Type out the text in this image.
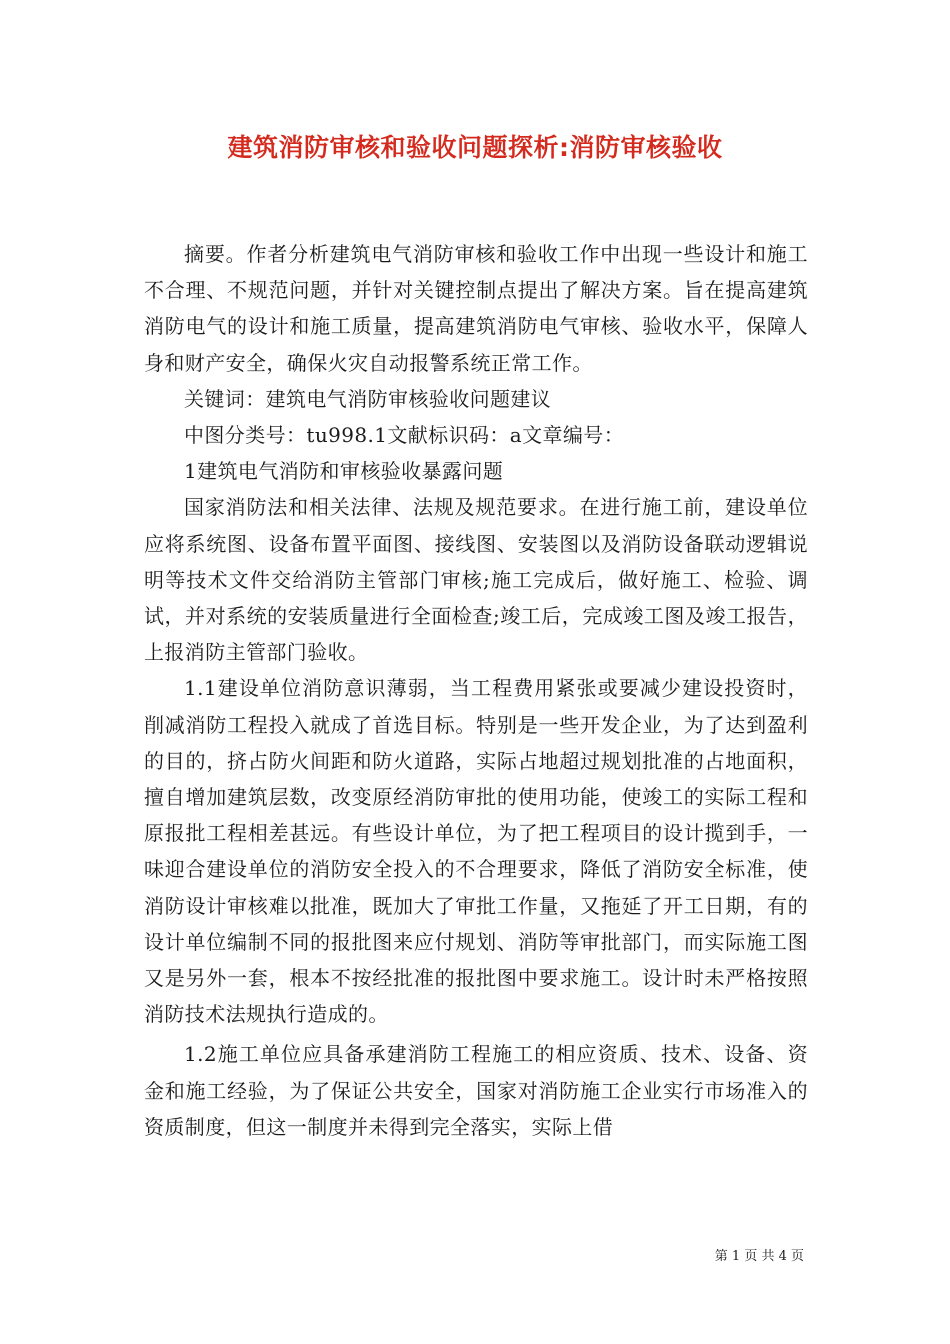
建筑消防审核和验收问题探析:消防审核验收

摘要。作者分析建筑电气消防审核和验收工作中出现一些设计和施工不合理、不规范问题，并针对关键控制点提出了解决方案。旨在提高建筑消防电气的设计和施工质量，提高建筑消防电气审核、验收水平，保障人身和财产安全，确保火灾自动报警系统正常工作。

关键词：建筑电气消防审核验收问题建议

中图分类号：tu998.1文献标识码：a文章编号：

1建筑电气消防和审核验收暴露问题

国家消防法和相关法律、法规及规范要求。在进行施工前，建设单位应将系统图、设备布置平面图、接线图、安装图以及消防设备联动逻辑说明等技术文件交给消防主管部门审核;施工完成后，做好施工、检验、调试，并对系统的安装质量进行全面检查;竣工后，完成竣工图及竣工报告，上报消防主管部门验收。

1.1建设单位消防意识薄弱，当工程费用紧张或要减少建设投资时，削减消防工程投入就成了首选目标。特别是一些开发企业，为了达到盈利的目的，挤占防火间距和防火道路，实际占地超过规划批准的占地面积，擅自增加建筑层数，改变原经消防审批的使用功能，使竣工的实际工程和原报批工程相差甚远。有些设计单位，为了把工程项目的设计揽到手，一味迎合建设单位的消防安全投入的不合理要求，降低了消防安全标准，使消防设计审核难以批准，既加大了审批工作量，又拖延了开工日期，有的设计单位编制不同的报批图来应付规划、消防等审批部门，而实际施工图又是另外一套，根本不按经批准的报批图中要求施工。设计时未严格按照消防技术法规执行造成的。

1.2施工单位应具备承建消防工程施工的相应资质、技术、设备、资金和施工经验，为了保证公共安全，国家对消防施工企业实行市场准入的资质制度，但这一制度并未得到完全落实，实际上借

第 1 页 共 4 页
